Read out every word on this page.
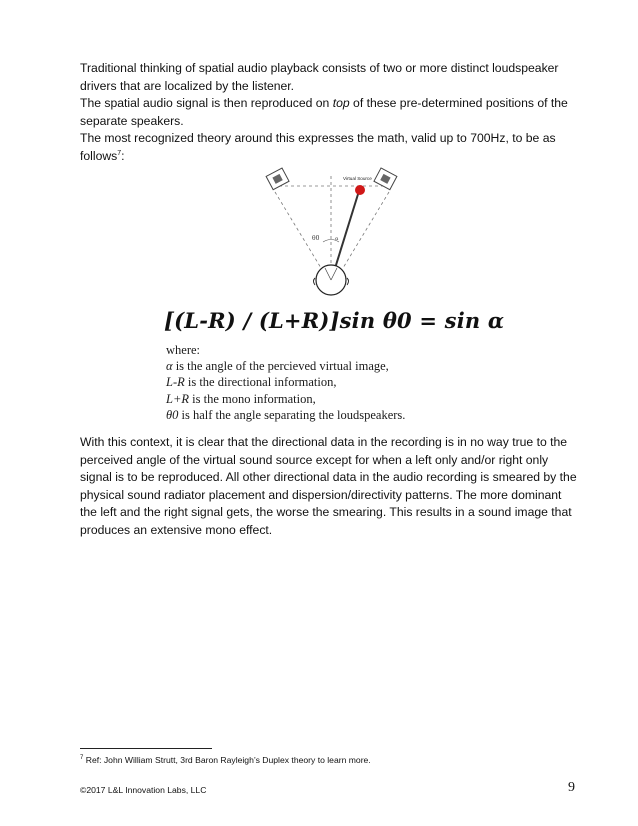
Traditional thinking of spatial audio playback consists of two or more distinct loudspeaker drivers that are localized by the listener.

The spatial audio signal is then reproduced on top of these pre-determined positions of the separate speakers.

The most recognized theory around this expresses the math, valid up to 700Hz, to be as follows$^7$:

Virtual Source
θ0	α
[(L-R) / (L+R)]sin θ0 = sin α
where:
α is the angle of the percieved virtual image,
L-R is the directional information,
L+R is the mono information,
θ0 is half the angle separating the loudspeakers.
With this context, it is clear that the directional data in the recording is in no way true to the perceived angle of the virtual sound source except for when a left only and/or right only signal is to be reproduced. All other directional data in the audio recording is smeared by the physical sound radiator placement and dispersion/directivity patterns. The more dominant the left and the right signal gets, the worse the smearing. This results in a sound image that produces an extensive mono effect.
$^7$ Ref: John William Strutt, 3rd Baron Rayleigh’s Duplex theory to learn more.
©2017 L&L Innovation Labs, LLC	9
